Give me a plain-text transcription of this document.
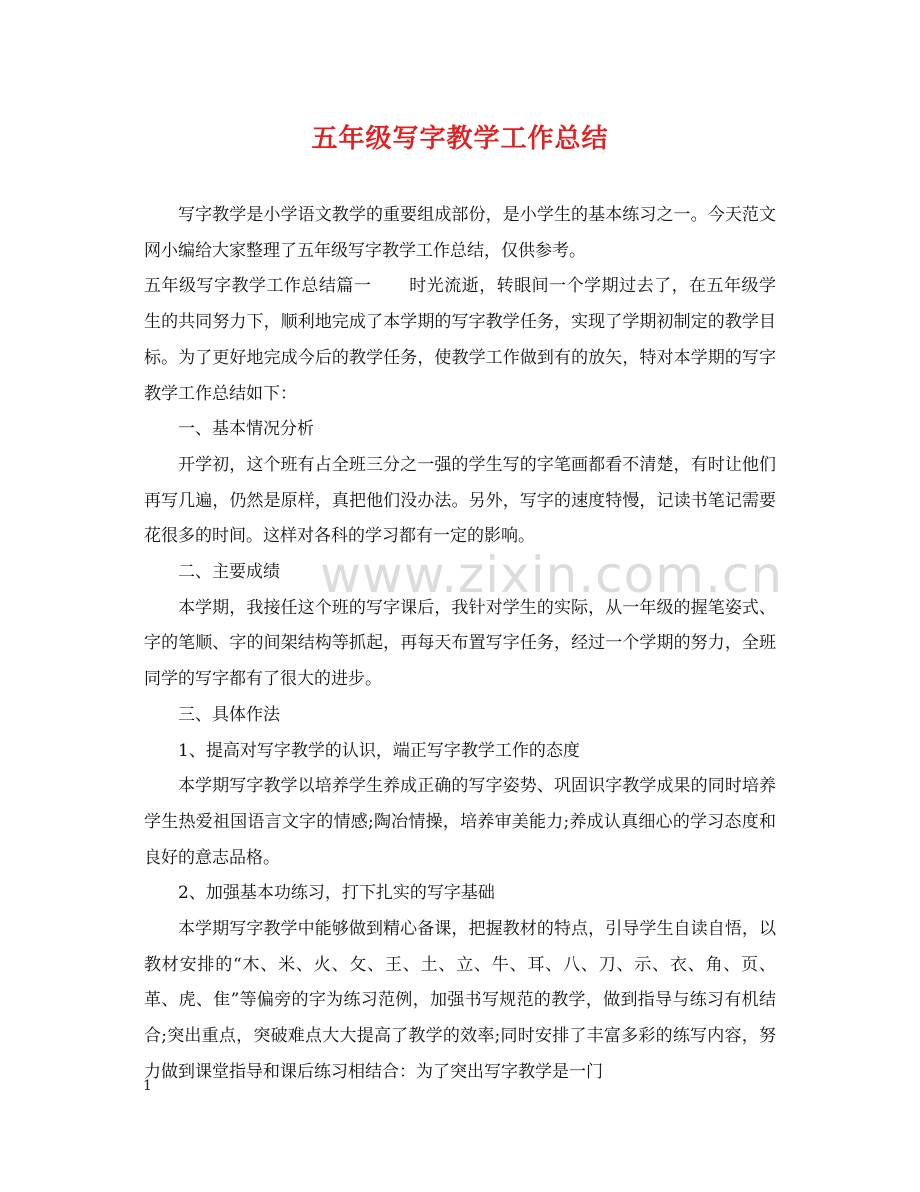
五年级写字教学工作总结

写字教学是小学语文教学的重要组成部份，是小学生的基本练习之一。今天范文网小编给大家整理了五年级写字教学工作总结，仅供参考。

五年级写字教学工作总结篇一 时光流逝，转眼间一个学期过去了，在五年级学生的共同努力下，顺利地完成了本学期的写字教学任务，实现了学期初制定的教学目标。为了更好地完成今后的教学任务，使教学工作做到有的放矢，特对本学期的写字教学工作总结如下：

一、基本情况分析

开学初，这个班有占全班三分之一强的学生写的字笔画都看不清楚，有时让他们再写几遍，仍然是原样，真把他们没办法。另外，写字的速度特慢，记读书笔记需要花很多的时间。这样对各科的学习都有一定的影响。

二、主要成绩

本学期，我接任这个班的写字课后，我针对学生的实际，从一年级的握笔姿式、字的笔顺、字的间架结构等抓起，再每天布置写字任务，经过一个学期的努力，全班同学的写字都有了很大的进步。

三、具体作法

1、提高对写字教学的认识，端正写字教学工作的态度

本学期写字教学以培养学生养成正确的写字姿势、巩固识字教学成果的同时培养学生热爱祖国语言文字的情感;陶冶情操，培养审美能力;养成认真细心的学习态度和良好的意志品格。

2、加强基本功练习，打下扎实的写字基础

本学期写字教学中能够做到精心备课，把握教材的特点，引导学生自读自悟，以教材安排的“木、米、火、攵、王、土、立、牛、耳、八、刀、示、衣、角、页、革、虎、隹”等偏旁的字为练习范例，加强书写规范的教学，做到指导与练习有机结合;突出重点，突破难点大大提高了教学的效率;同时安排了丰富多彩的练写内容，努力做到课堂指导和课后练习相结合：为了突出写字教学是一门

www.zixin.com.cn
1
